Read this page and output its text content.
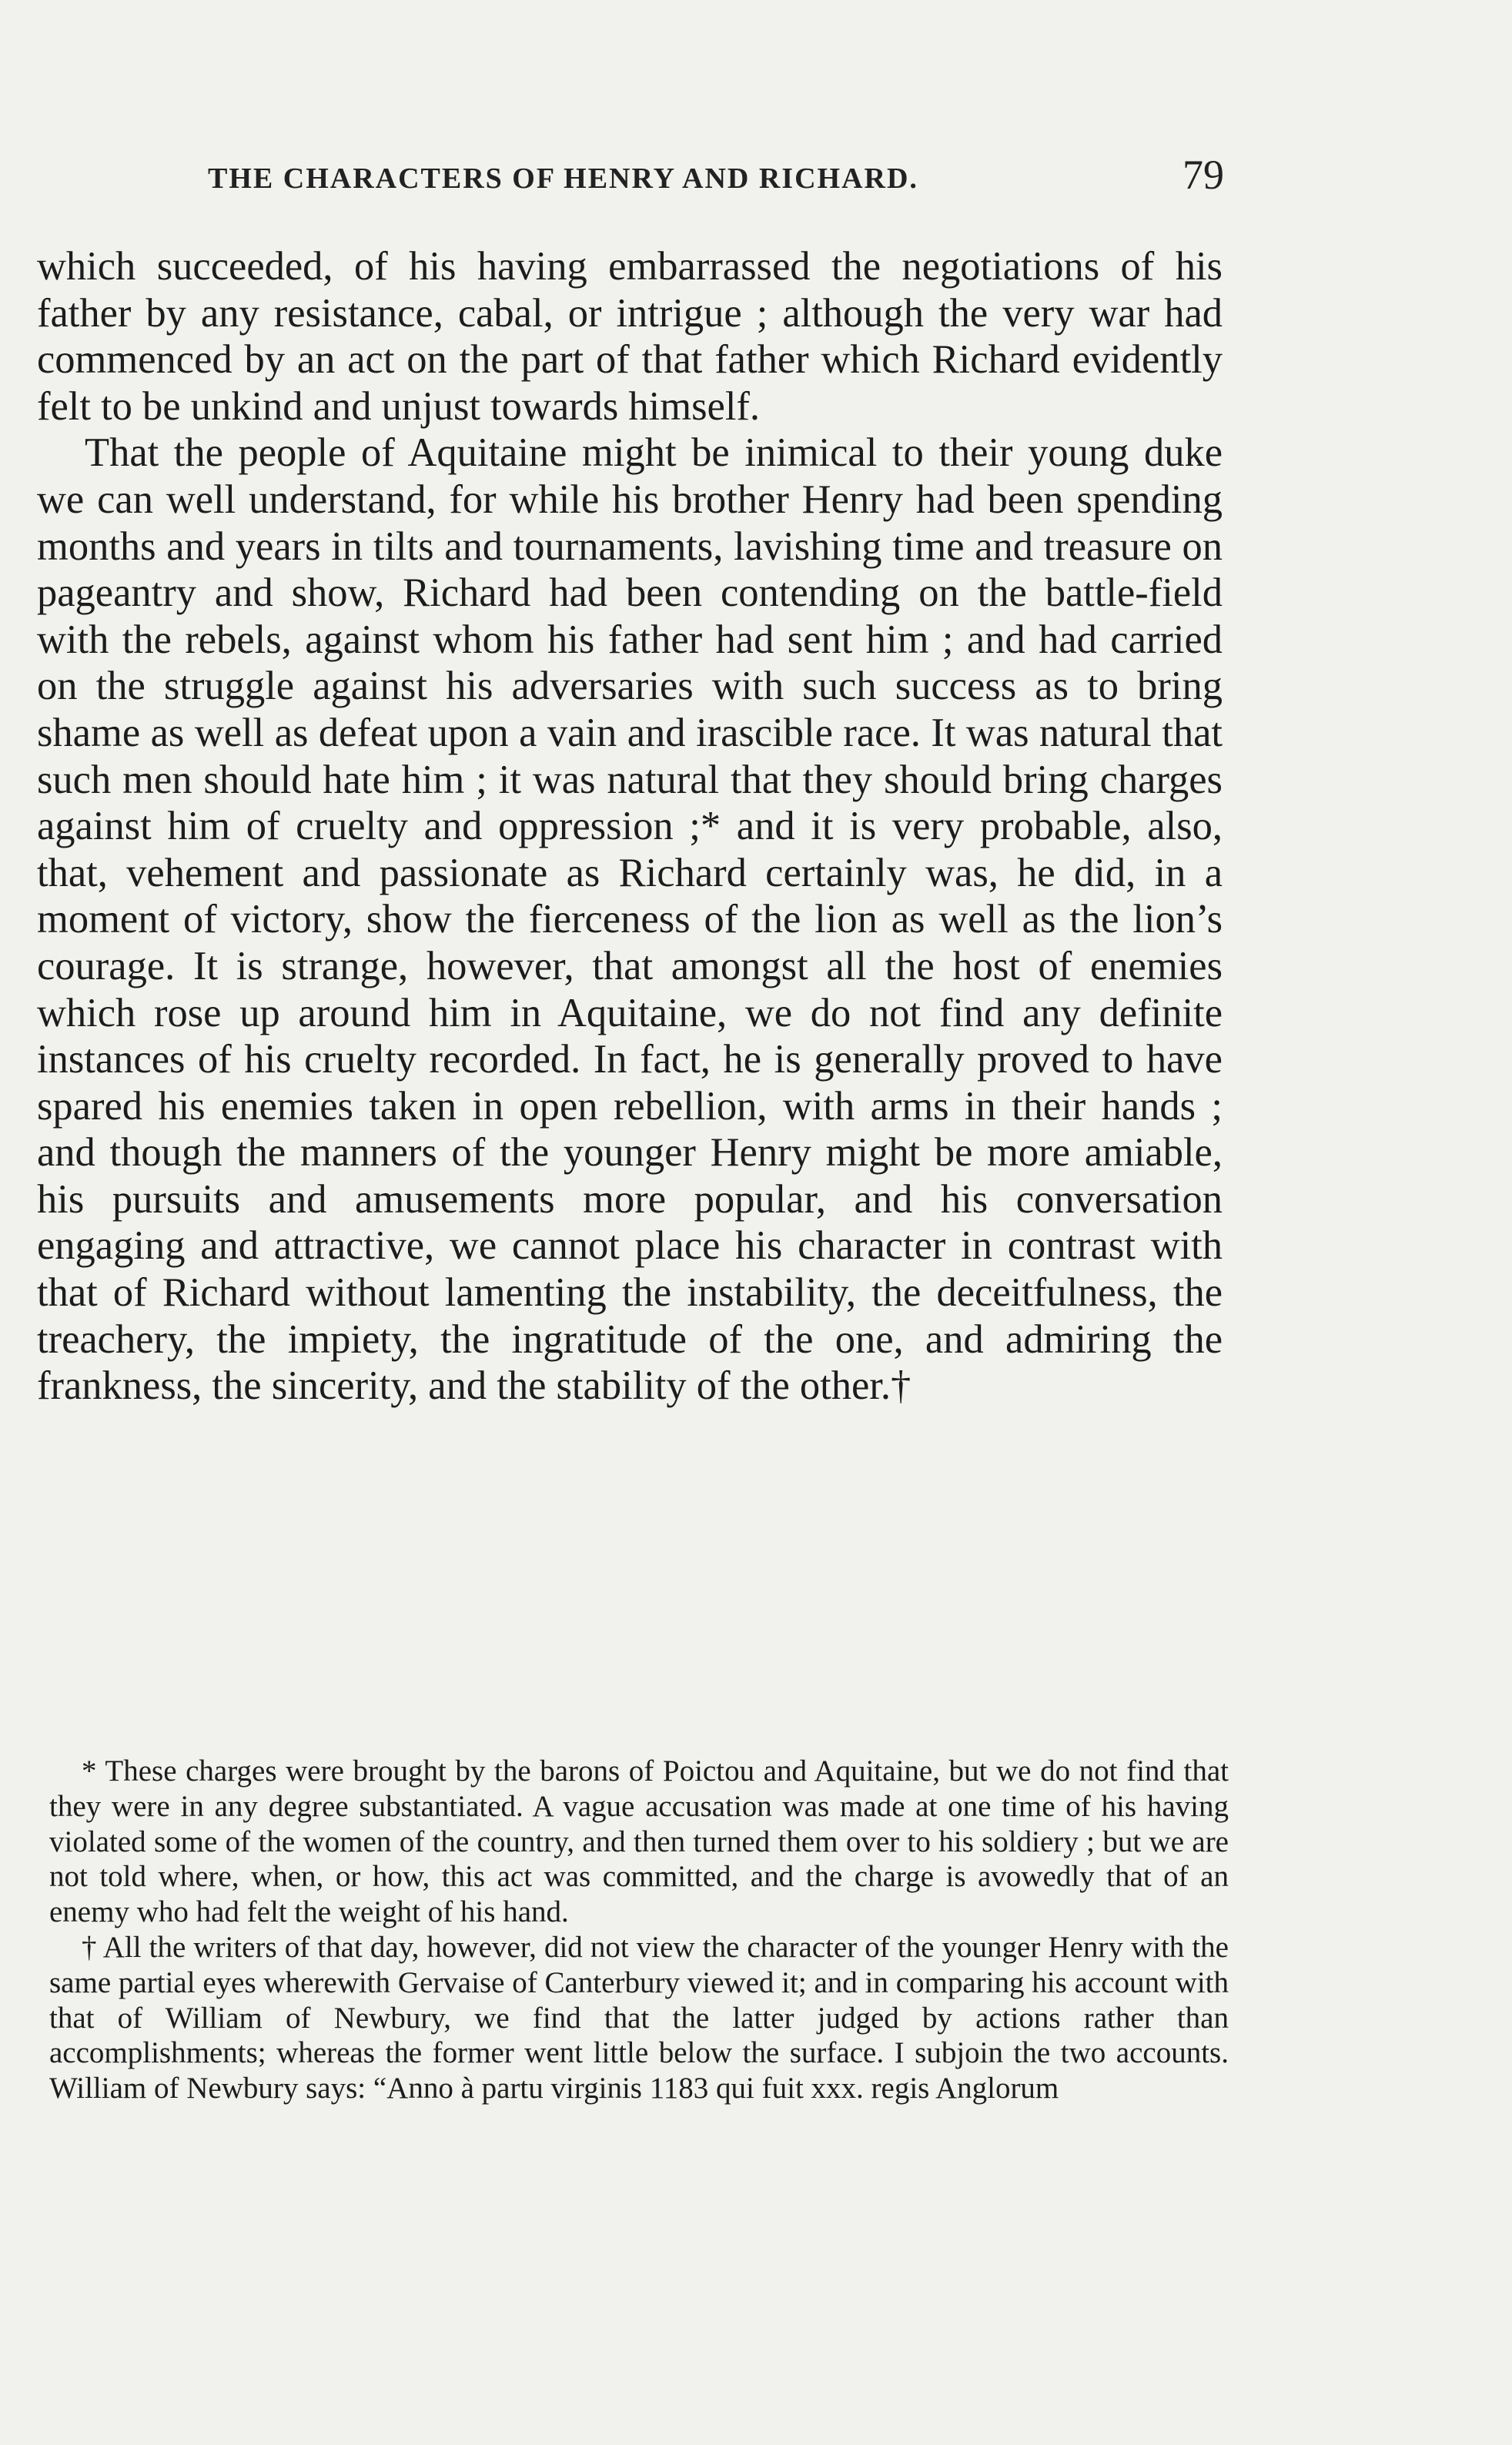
THE CHARACTERS OF HENRY AND RICHARD.	79

which succeeded, of his having embarrassed the negotiations of his father by any resistance, cabal, or intrigue ; although the very war had commenced by an act on the part of that father which Richard evidently felt to be unkind and unjust towards himself.

That the people of Aquitaine might be inimical to their young duke we can well understand, for while his brother Henry had been spending months and years in tilts and tournaments, lavishing time and treasure on pageantry and show, Richard had been contending on the battle-field with the rebels, against whom his father had sent him ; and had carried on the struggle against his adversaries with such success as to bring shame as well as defeat upon a vain and irascible race. It was natural that such men should hate him ; it was natural that they should bring charges against him of cruelty and oppression ;* and it is very probable, also, that, vehement and passionate as Richard certainly was, he did, in a moment of victory, show the fierceness of the lion as well as the lion’s courage. It is strange, however, that amongst all the host of enemies which rose up around him in Aquitaine, we do not find any definite instances of his cruelty recorded. In fact, he is generally proved to have spared his enemies taken in open rebellion, with arms in their hands ; and though the manners of the younger Henry might be more amiable, his pursuits and amusements more popular, and his conversation engaging and attractive, we cannot place his character in contrast with that of Richard without lamenting the instability, the deceitfulness, the treachery, the impiety, the ingratitude of the one, and admiring the frankness, the sincerity, and the stability of the other.†

* These charges were brought by the barons of Poictou and Aquitaine, but we do not find that they were in any degree substantiated. A vague accusation was made at one time of his having violated some of the women of the country, and then turned them over to his soldiery ; but we are not told where, when, or how, this act was committed, and the charge is avowedly that of an enemy who had felt the weight of his hand.

† All the writers of that day, however, did not view the character of the younger Henry with the same partial eyes wherewith Gervaise of Canterbury viewed it; and in comparing his account with that of William of Newbury, we find that the latter judged by actions rather than accomplishments; whereas the former went little below the surface. I subjoin the two accounts. William of Newbury says: “Anno à partu virginis 1183 qui fuit xxx. regis Anglorum
